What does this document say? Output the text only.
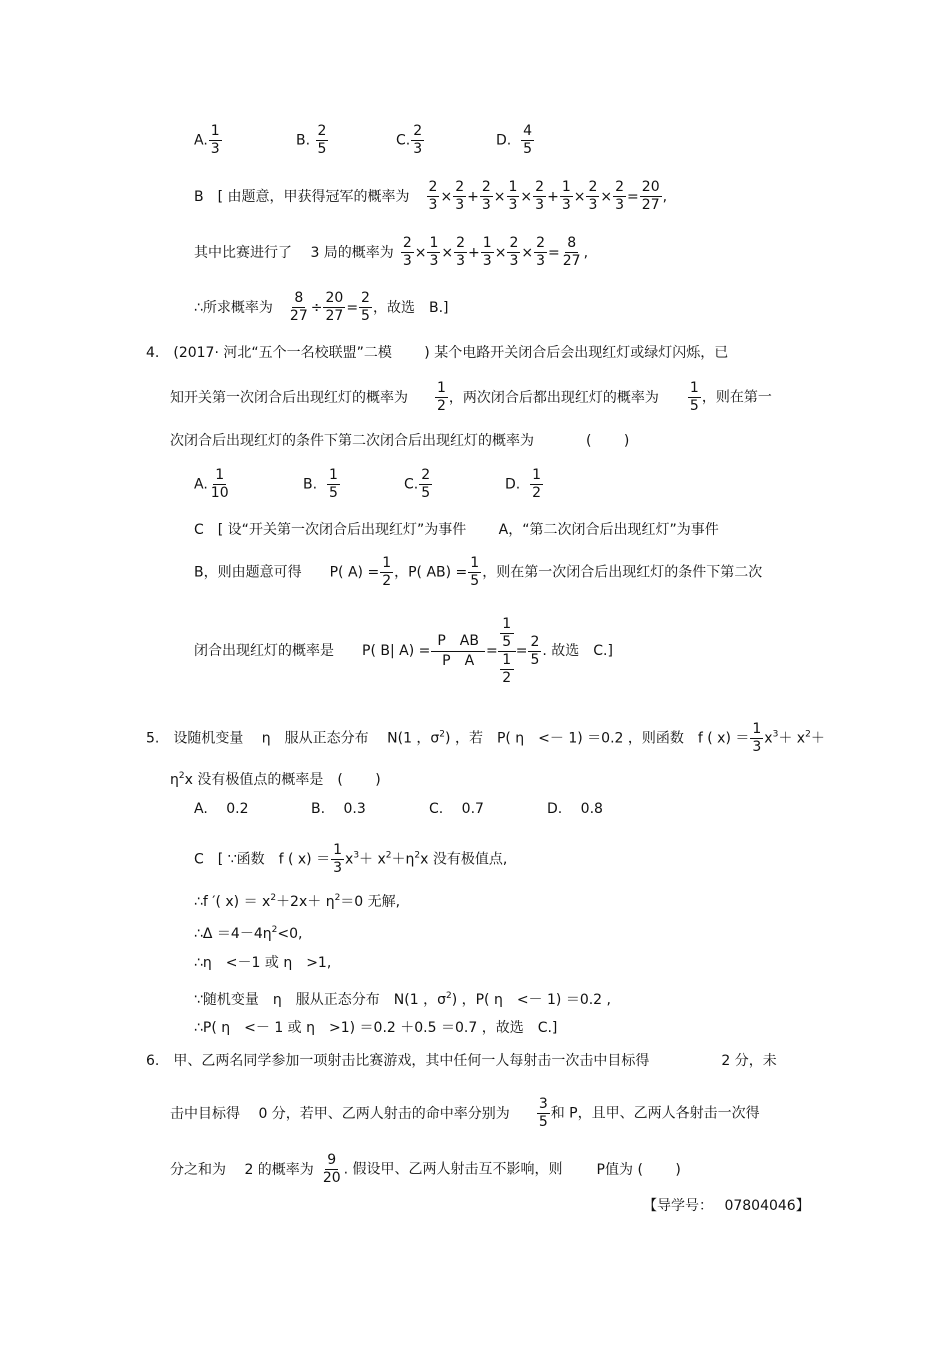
A. $\frac{1}{3}$	B. $\frac{2}{5}$	C. $\frac{2}{3}$	D. $\frac{4}{5}$
B　[ 由题意，甲获得冠军的概率为 $\frac{2}{3} \times \frac{2}{3} + \frac{2}{3} \times \frac{1}{3} \times \frac{2}{3} + \frac{1}{3} \times \frac{2}{3} \times \frac{2}{3} = \frac{20}{27}$ ,
其中比赛进行了　 3 局的概率为 $\frac{2}{3} \times \frac{1}{3} \times \frac{2}{3} + \frac{1}{3} \times \frac{2}{3} \times \frac{2}{3} = \frac{8}{27}$ ,
∴所求概率为 $\frac{8}{27} \div \frac{20}{27} = \frac{2}{5}$ ，故选　B.]
4.　(2017· 河北“五个一名校联盟”二模　　 ) 某个电路开关闭合后会出现红灯或绿灯闪烁，已
知开关第一次闭合后出现红灯的概率为 $\frac{1}{2}$ ，两次闭合后都出现红灯的概率为 $\frac{1}{5}$ ，则在第一
次闭合后出现红灯的条件下第二次闭合后出现红灯的概率为	(　　 )
A. $\frac{1}{10}$	B. $\frac{1}{5}$	C. $\frac{2}{5}$	D. $\frac{1}{2}$
C　[ 设“开关第一次闭合后出现红灯”为事件　　 A，“第二次闭合后出现红灯”为事件
B，则由题意可得　　P( $A) = \frac{1}{2}$ ，P( $AB) = \frac{1}{5}$ ，则在第一次闭合后出现红灯的条件下第二次
闭合出现红灯的概率是　　P( B| $A) = \frac{\text{P　AB}}{\text{P　A}}$ =
1
5
1
2
= $\frac{2}{5}$ . 故选　C.]
5.　设随机变量　 η　服从正态分布　 N(1 ，$\sigma^2$) ，若　P( η　<－ 1) ＝0.2 ，则函数　f ( $x) = \frac{1}{3} x^3+ x^2+$
$\eta^2x$ 没有极值点的概率是　(　　 )
A.　 0.2	B.　 0.3	C.　 0.7	D.　 0.8
C　[ ∵函数　f ( $x) = \frac{1}{3} x^3+ x^2+\eta^2x$ 没有极值点,
∴f ′( $x) = x^2+2x+ \eta^2=0$ 无解,
∴Δ $=4-4\eta^2<0$,
∴η　<－1 或 η　>1,
∵随机变量　η　服从正态分布　N(1 ，$\sigma^2$) ，P( η　<－ 1) ＝0.2 ,
∴P( η　<－ 1 或 η　>1) ＝0.2 ＋0.5 ＝0.7 ，故选　C.]
6.　甲、乙两名同学参加一项射击比赛游戏，其中任何一人每射击一次击中目标得	2 分，未
击中目标得　 0 分，若甲、乙两人射击的命中率分别为 $\frac{3}{5}$ 和 P，且甲、乙两人各射击一次得
分之和为　 2 的概率为 $\frac{9}{20}$ . 假设甲、乙两人射击互不影响，则 P值为 (　　 )
【导学号：　 07804046】
